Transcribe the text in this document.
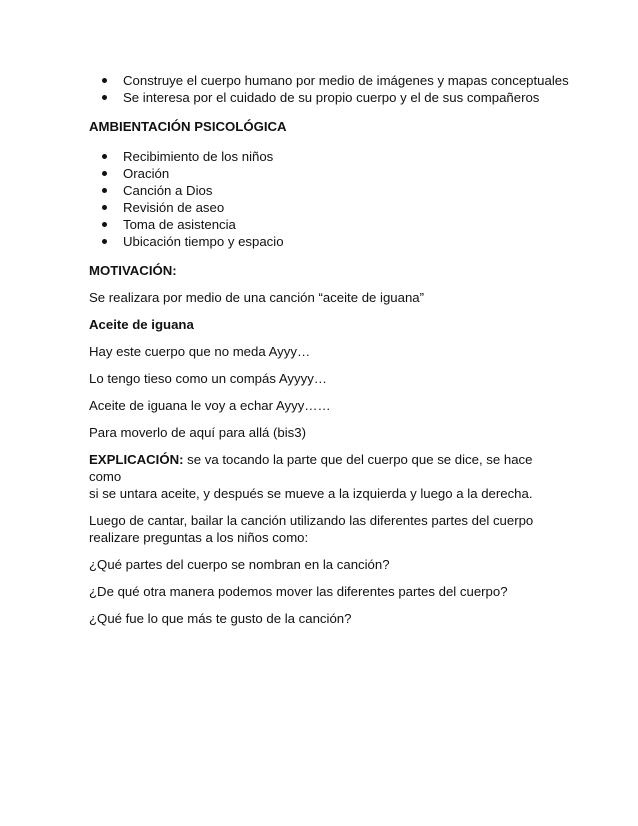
Construye el cuerpo humano por medio de imágenes y mapas conceptuales
Se interesa por el cuidado de su propio cuerpo y el de sus compañeros

AMBIENTACIÓN PSICOLÓGICA

Recibimiento de los niños
Oración
Canción a Dios
Revisión de aseo
Toma de asistencia
Ubicación tiempo y espacio

MOTIVACIÓN:

Se realizara por medio de una canción “aceite de iguana”

Aceite de iguana

Hay este cuerpo que no meda Ayyy…

Lo tengo tieso como un compás Ayyyy…

Aceite de iguana le voy a echar Ayyy……

Para moverlo de aquí para allá (bis3)

EXPLICACIÓN: se va tocando la parte que del cuerpo que se dice, se hace como

si se untara aceite, y después se mueve a la izquierda y luego a la derecha.

Luego de cantar, bailar la canción utilizando las diferentes partes del cuerpo

realizare preguntas a los niños como:

¿Qué partes del cuerpo se nombran en la canción?

¿De qué otra manera podemos mover las diferentes partes del cuerpo?

¿Qué fue lo que más te gusto de la canción?
